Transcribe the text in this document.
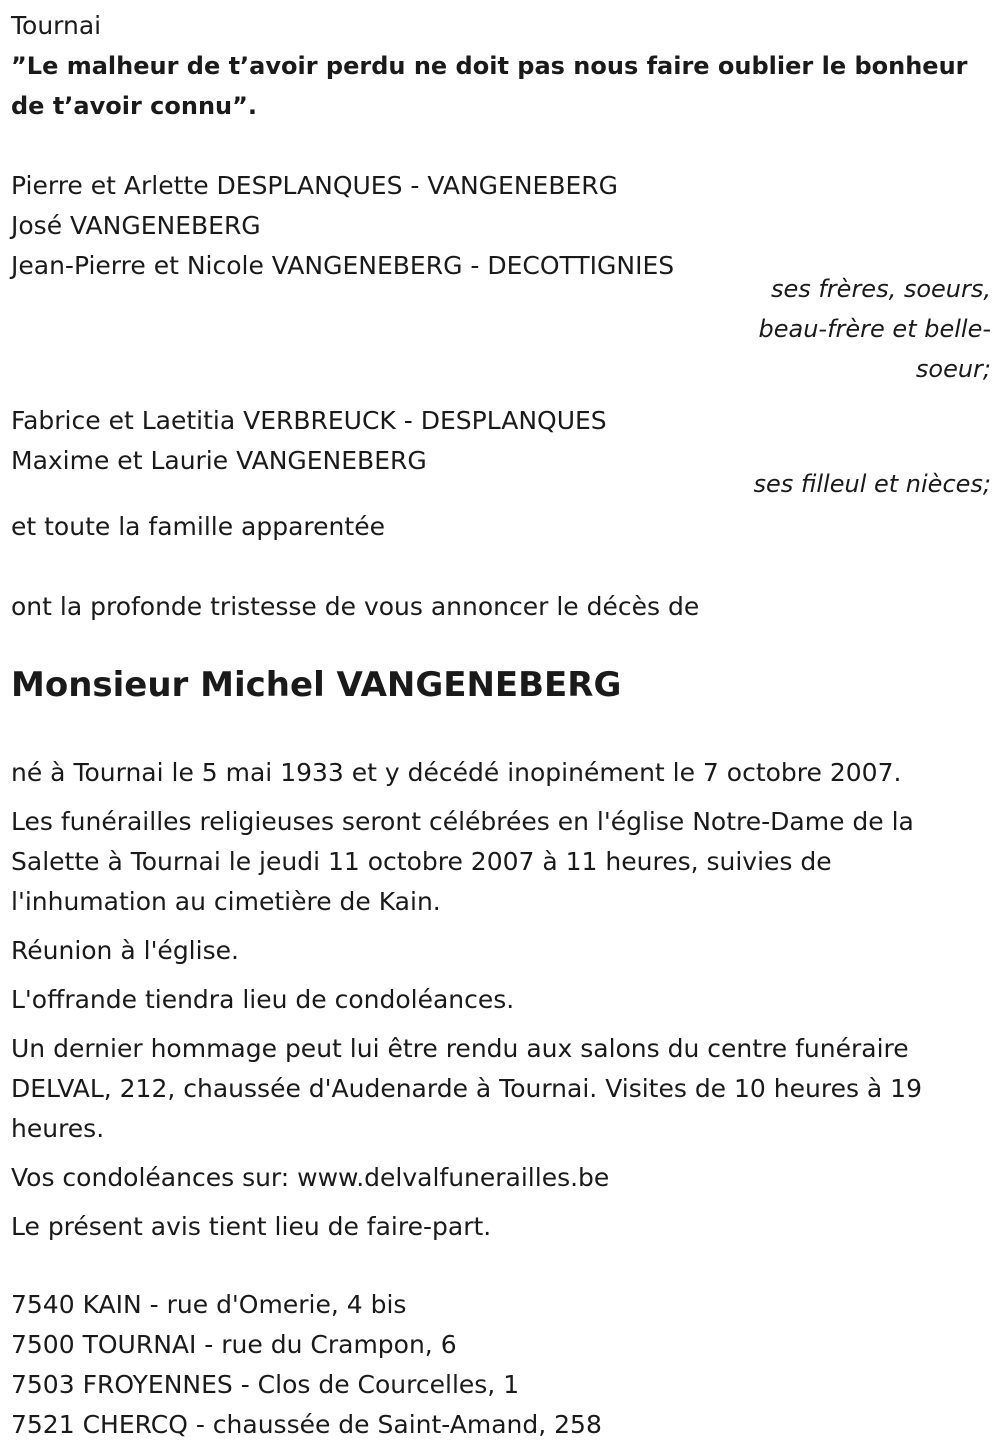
Tournai
”Le malheur de t’avoir perdu ne doit pas nous faire oublier le bonheur de t’avoir connu”.
Pierre et Arlette DESPLANQUES - VANGENEBERG
José VANGENEBERG
Jean-Pierre et Nicole VANGENEBERG - DECOTTIGNIES
ses frères, soeurs,
beau-frère et belle-
soeur;
Fabrice et Laetitia VERBREUCK - DESPLANQUES
Maxime et Laurie VANGENEBERG
ses filleul et nièces;
et toute la famille apparentée
ont la profonde tristesse de vous annoncer le décès de
Monsieur Michel VANGENEBERG
né à Tournai le 5 mai 1933 et y décédé inopinément le 7 octobre 2007.
Les funérailles religieuses seront célébrées en l'église Notre-Dame de la Salette à Tournai le jeudi 11 octobre 2007 à 11 heures, suivies de l'inhumation au cimetière de Kain.
Réunion à l'église.
L'offrande tiendra lieu de condoléances.
Un dernier hommage peut lui être rendu aux salons du centre funéraire DELVAL, 212, chaussée d'Audenarde à Tournai. Visites de 10 heures à 19 heures.
Vos condoléances sur: www.delvalfunerailles.be
Le présent avis tient lieu de faire-part.
7540 KAIN - rue d'Omerie, 4 bis
7500 TOURNAI - rue du Crampon, 6
7503 FROYENNES - Clos de Courcelles, 1
7521 CHERCQ - chaussée de Saint-Amand, 258
